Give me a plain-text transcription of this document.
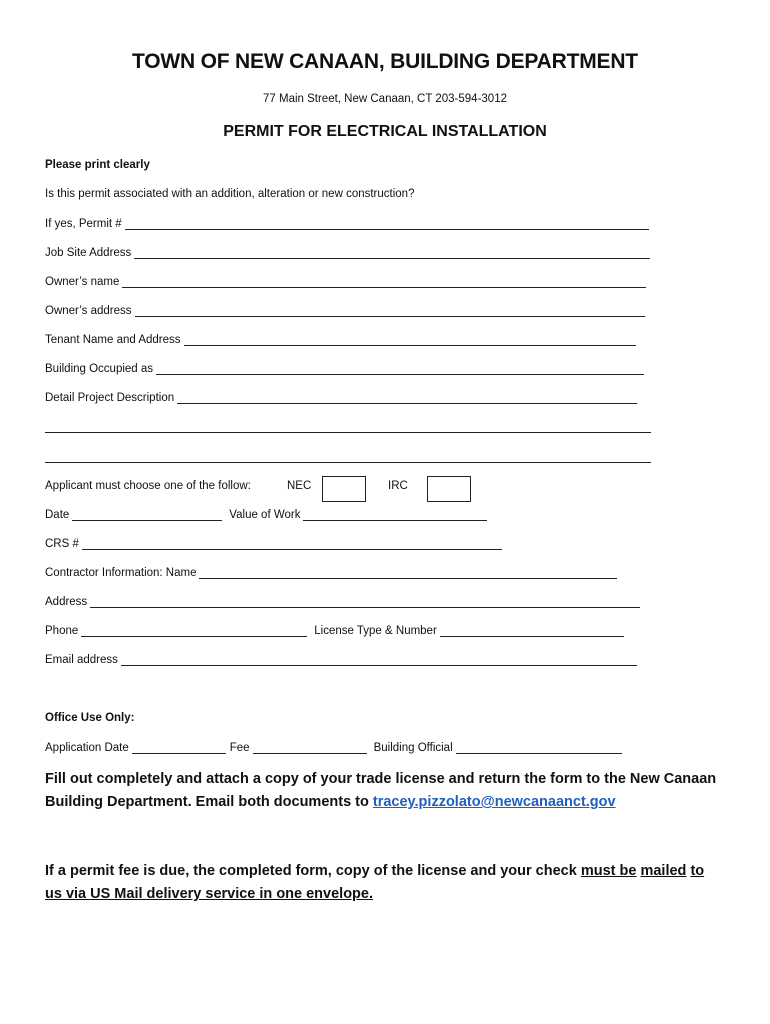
TOWN OF NEW CANAAN, BUILDING DEPARTMENT
77 Main Street, New Canaan, CT 203-594-3012
PERMIT FOR ELECTRICAL INSTALLATION
Please print clearly
Is this permit associated with an addition, alteration or new construction?
If yes, Permit #
Job Site Address
Owner’s name
Owner’s address
Tenant Name and Address
Building Occupied as
Detail Project Description
Applicant must choose one of the follow:	NEC	IRC
Date	Value of Work
CRS #
Contractor Information: Name
Address
Phone	License Type & Number
Email address
Office Use Only:
Application Date	Fee	Building Official
Fill out completely and attach a copy of your trade license and return the form to the New Canaan Building Department. Email both documents to tracey.pizzolato@newcanaanct.gov
If a permit fee is due, the completed form, copy of the license and your check must be mailed to us via US Mail delivery service in one envelope.
